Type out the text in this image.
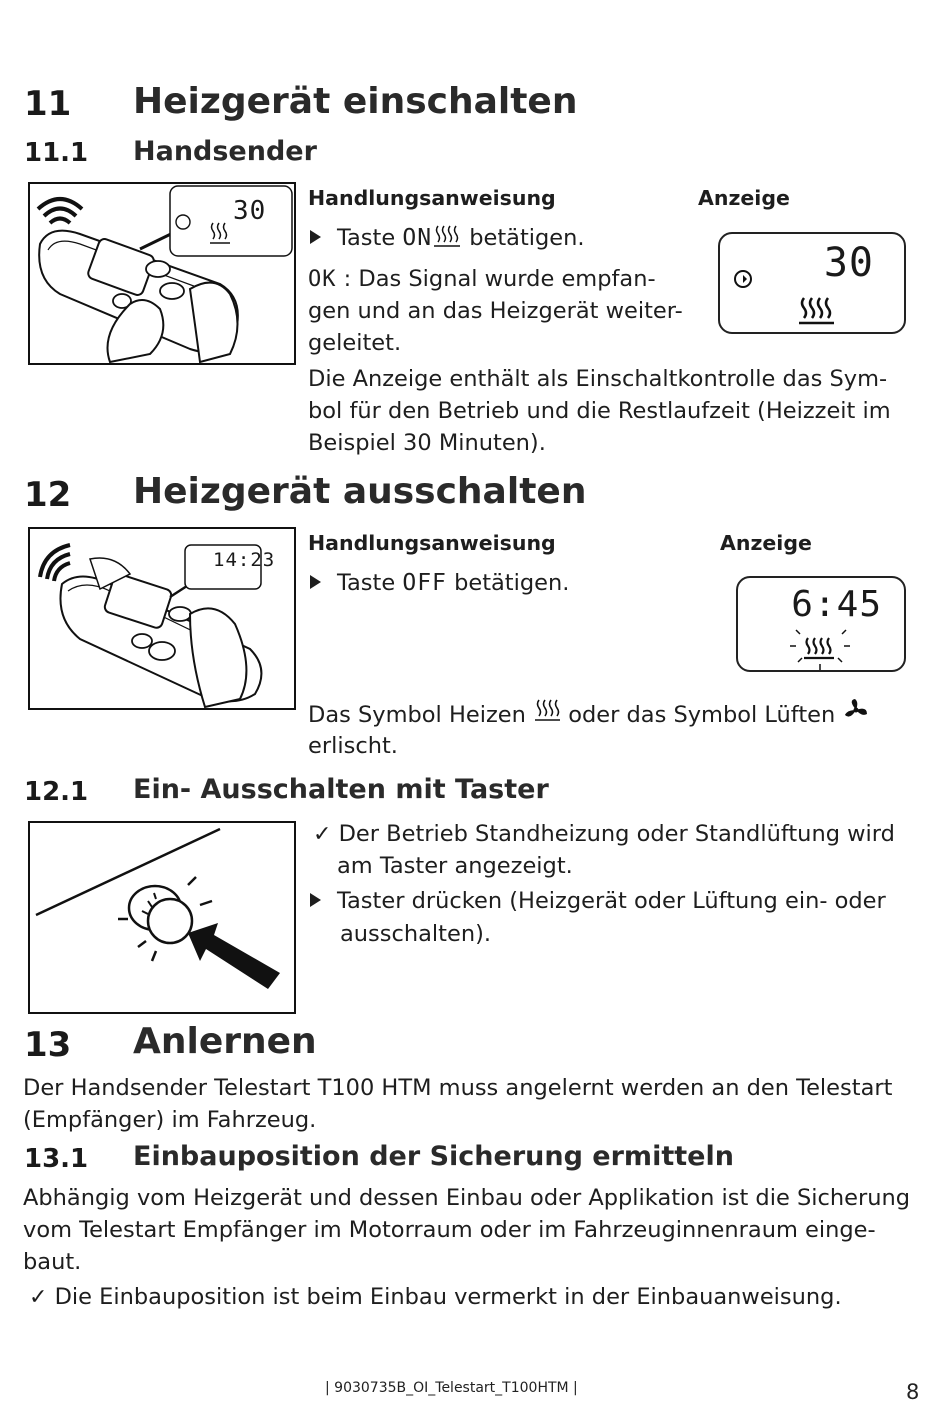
11 Heizgerät einschalten
11.1 Handsender
30 Handlungsanweisung	Anzeige
Taste ON betätigen.
OK : Das Signal wurde empfan-
gen und an das Heizgerät weiter-
geleitet.
30
Die Anzeige enthält als Einschaltkontrolle das Sym-
bol für den Betrieb und die Restlaufzeit (Heizzeit im
Beispiel 30 Minuten).
12 Heizgerät ausschalten
14:23
Handlungsanweisung	Anzeige
Taste OFF betätigen.
6:45
Das Symbol Heizen oder das Symbol Lüften
erlischt.
12.1 Ein- Ausschalten mit Taster
✓ Der Betrieb Standheizung oder Standlüftung wird
am Taster angezeigt.
Taster drücken (Heizgerät oder Lüftung ein- oder
ausschalten).
13 Anlernen
Der Handsender Telestart T100 HTM muss angelernt werden an den Telestart
(Empfänger) im Fahrzeug.
13.1 Einbauposition der Sicherung ermitteln
Abhängig vom Heizgerät und dessen Einbau oder Applikation ist die Sicherung
vom Telestart Empfänger im Motorraum oder im Fahrzeuginnenraum einge-
baut.
✓ Die Einbauposition ist beim Einbau vermerkt in der Einbauanweisung.
| 9030735B_OI_Telestart_T100HTM |	8
